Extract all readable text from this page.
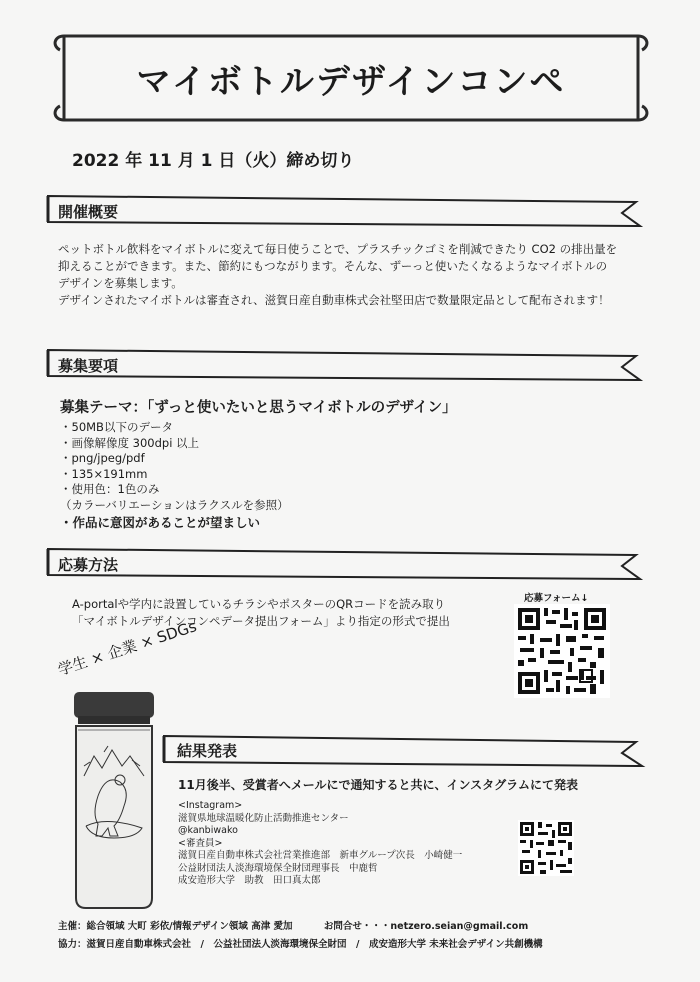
マイボトルデザインコンペ
2022 年 11 月 1 日（火）締め切り
開催概要
ペットボトル飲料をマイボトルに変えて毎日使うことで、プラスチックゴミを削減できたり CO2 の排出量を
抑えることができます。また、節約にもつながります。そんな、ずーっと使いたくなるようなマイボトルの
デザインを募集します。
デザインされたマイボトルは審査され、滋賀日産自動車株式会社堅田店で数量限定品として配布されます！
募集要項
募集テーマ：「ずっと使いたいと思うマイボトルのデザイン」
・50MB以下のデータ
・画像解像度 300dpi 以上
・png/jpeg/pdf
・135×191mm
・使用色：1色のみ
（カラーバリエーションはラクスルを参照）
・作品に意図があることが望ましい
応募方法
A-portalや学内に設置しているチラシやポスターのQRコードを読み取り
「マイボトルデザインコンペデータ提出フォーム」より指定の形式で提出
応募フォーム↓
学生 × 企業 × SDGs
結果発表
11月後半、受賞者へメールにで通知すると共に、インスタグラムにて発表
<Instagram>
滋賀県地球温暖化防止活動推進センター
@kanbiwako
<審査員>
滋賀日産自動車株式会社営業推進部　新車グループ次長　小崎健一
公益財団法人淡海環境保全財団理事長　中鹿哲
成安造形大学　助教　田口真太郎
主催：総合領域 大町 彩依/情報デザイン領域 高津 愛加	お問合せ・・・netzero.seian@gmail.com
協力：滋賀日産自動車株式会社　/　公益社団法人淡海環境保全財団　/　成安造形大学 未来社会デザイン共創機構
